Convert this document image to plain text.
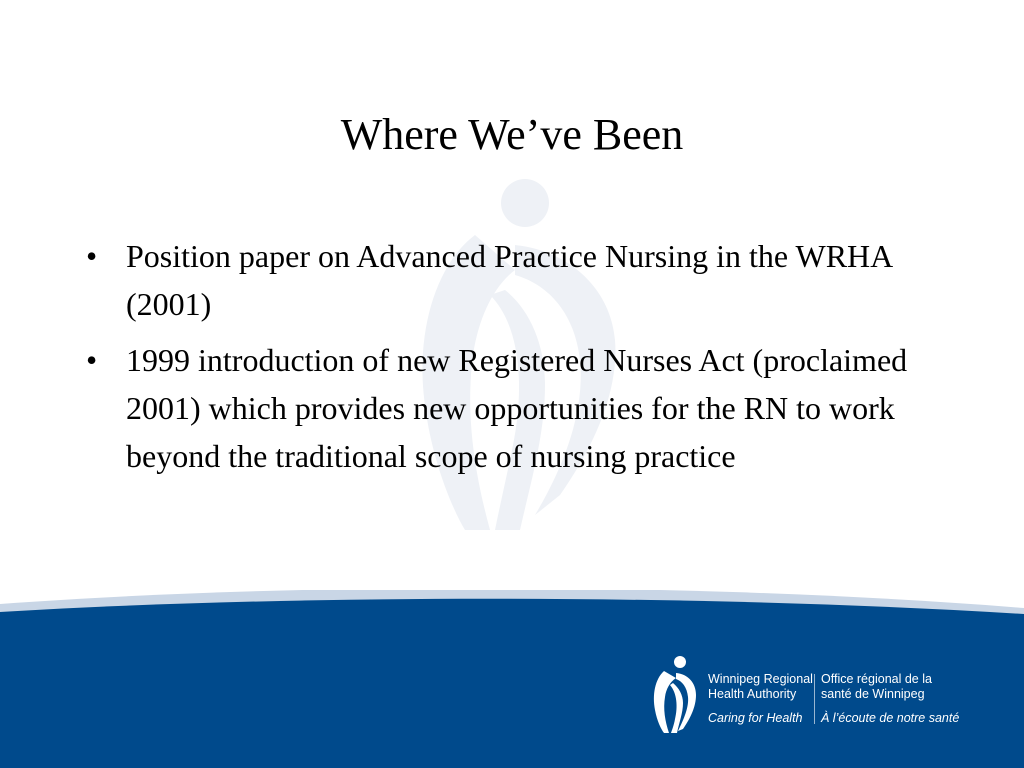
Where We’ve Been
• Position paper on Advanced Practice Nursing in the WRHA (2001)
• 1999 introduction of new Registered Nurses Act (proclaimed 2001) which provides new opportunities for the RN to work beyond the traditional scope of nursing practice
Winnipeg Regional
Health Authority
Caring for Health
Office régional de la
santé de Winnipeg
À l’écoute de notre santé
